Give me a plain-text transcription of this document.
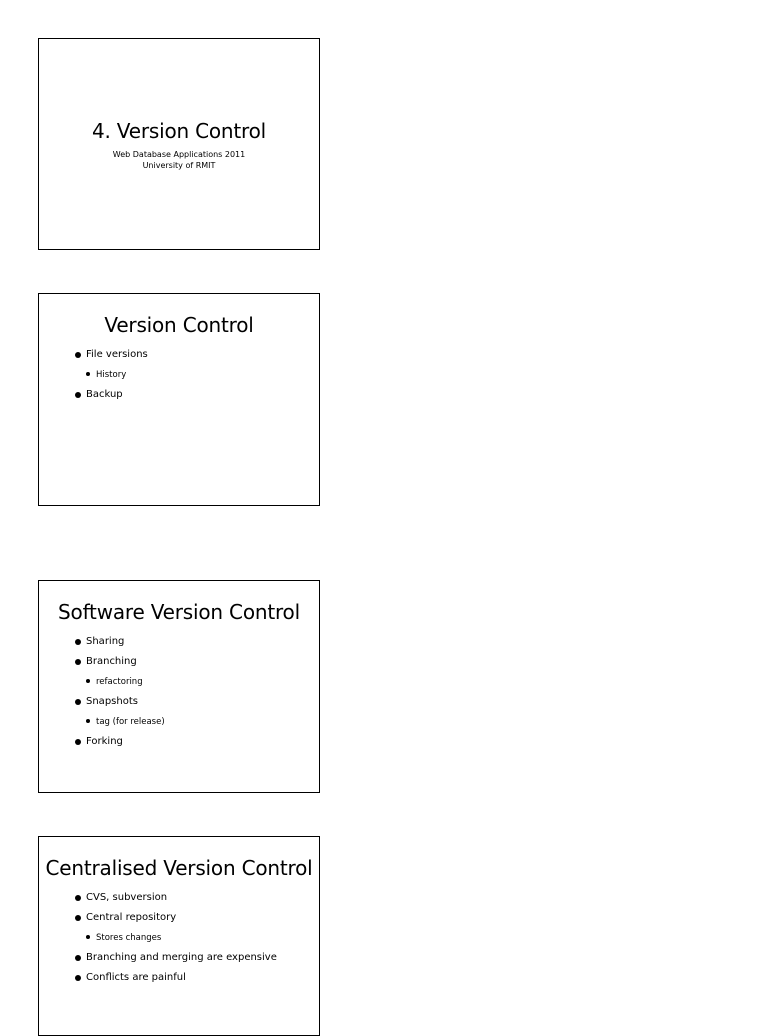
4. Version Control
Web Database Applications 2011
University of RMIT
Version Control
File versions
History
Backup
Software Version Control
Sharing
Branching
refactoring
Snapshots
tag (for release)
Forking
Centralised Version Control
CVS, subversion
Central repository
Stores changes
Branching and merging are expensive
Conflicts are painful
